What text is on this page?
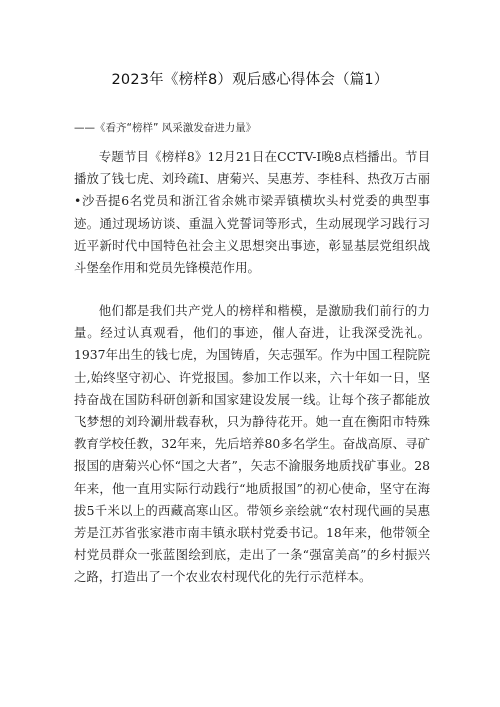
2023年《榜样8）观后感心得体会（篇1）
——《看齐“榜样” 风采激发奋进力量》

专题节目《榜样8》12月21日在CCTV-I晚8点档播出。节目播放了钱七虎、刘玲疏I、唐菊兴、吴惠芳、李桂科、热孜万古丽•沙吾提6名党员和浙江省余姚市梁弄镇横坎头村党委的典型事迹。通过现场访谈、重温入党誓词等形式，生动展现学习践行习近平新时代中国特色社会主义思想突出事迹，彰显基层党组织战斗堡垒作用和党员先锋模范作用。

他们都是我们共产党人的榜样和楷模，是激励我们前行的力量。经过认真观看，他们的事迹，催人奋进，让我深受洗礼。1937年出生的钱七虎，为国铸盾，矢志强军。作为中国工程院院士,始终坚守初心、许党报国。参加工作以来，六十年如一日，坚持奋战在国防科研创新和国家建设发展一线。让每个孩子都能放飞梦想的刘玲涮卅载春秋，只为静待花开。她一直在衡阳市特殊教育学校任教，32年来，先后培养80多名学生。奋战高原、寻矿报国的唐菊兴心怀“国之大者”，矢志不渝服务地质找矿事业。28年来，他一直用实际行动践行“地质报国”的初心使命，坚守在海拔5千米以上的西藏高寒山区。带领乡亲绘就“农村现代画的吴惠芳是江苏省张家港市南丰镇永联村党委书记。18年来，他带领全村党员群众一张蓝图绘到底，走出了一条“强富美高”的乡村振兴之路，打造出了一个农业农村现代化的先行示范样本。
